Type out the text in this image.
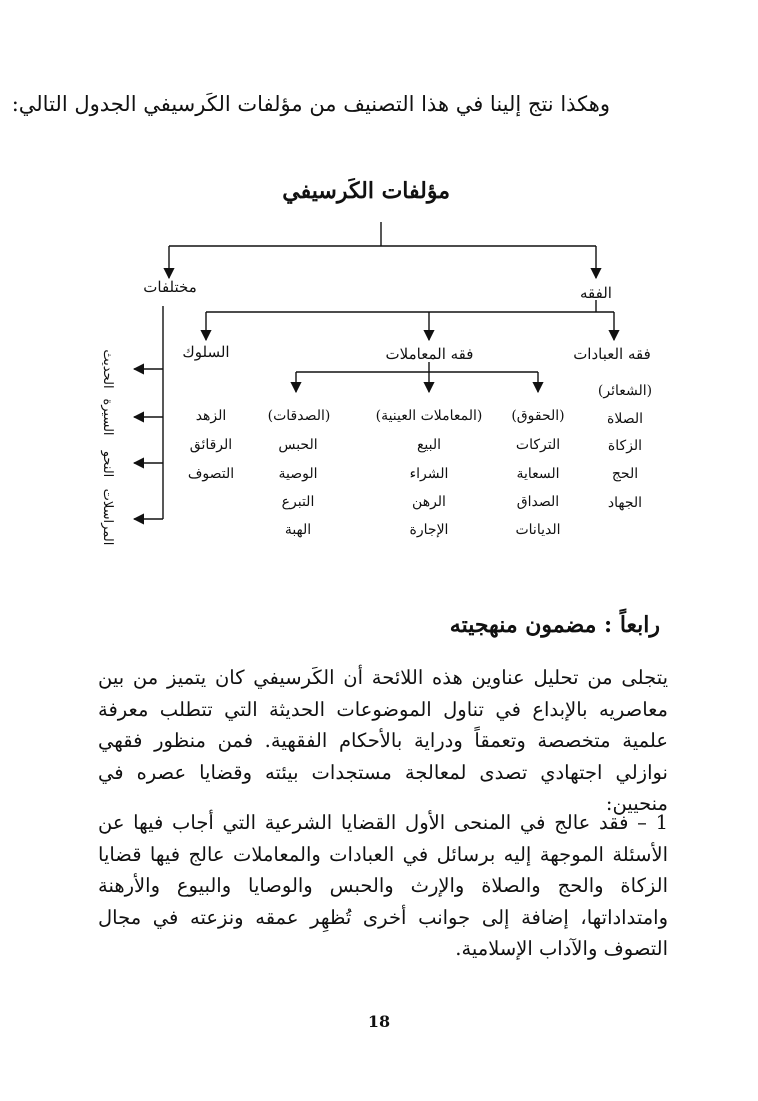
وهكذا نتج إلينا في هذا التصنيف من مؤلفات الكَرسيفي الجدول التالي:
مؤلفات الكَرسيفي
الفقه
مختلفات
فقه العبادات
فقه المعاملات
السلوك
(الشعائر)
الصلاة
الزكاة
الحج
الجهاد
(الحقوق)
التركات
السعاية
الصداق
الديانات
(المعاملات العينية)
البيع
الشراء
الرهن
الإجارة
(الصدقات)
الحبس
الوصية
التبرع
الهبة
الزهد
الرقائق
التصوف
الحديث
السيرة
النحو
المراسلات
رابعاً : مضمون منهجيته
يتجلى من تحليل عناوين هذه اللائحة أن الكَرسيفي كان يتميز من بين معاصريه بالإبداع في تناول الموضوعات الحديثة التي تتطلب معرفة علمية متخصصة وتعمقاً ودراية بالأحكام الفقهية. فمن منظور فقهي نوازلي اجتهادي تصدى لمعالجة مستجدات بيئته وقضايا عصره في منحيين:
1 – فقد عالج في المنحى الأول القضايا الشرعية التي أجاب فيها عن الأسئلة الموجهة إليه برسائل في العبادات والمعاملات عالج فيها قضايا الزكاة والحج والصلاة والإرث والحبس والوصايا والبيوع والأرهنة وامتداداتها، إضافة إلى جوانب أخرى تُظهِر عمقه ونزعته في مجال التصوف والآداب الإسلامية.
18
